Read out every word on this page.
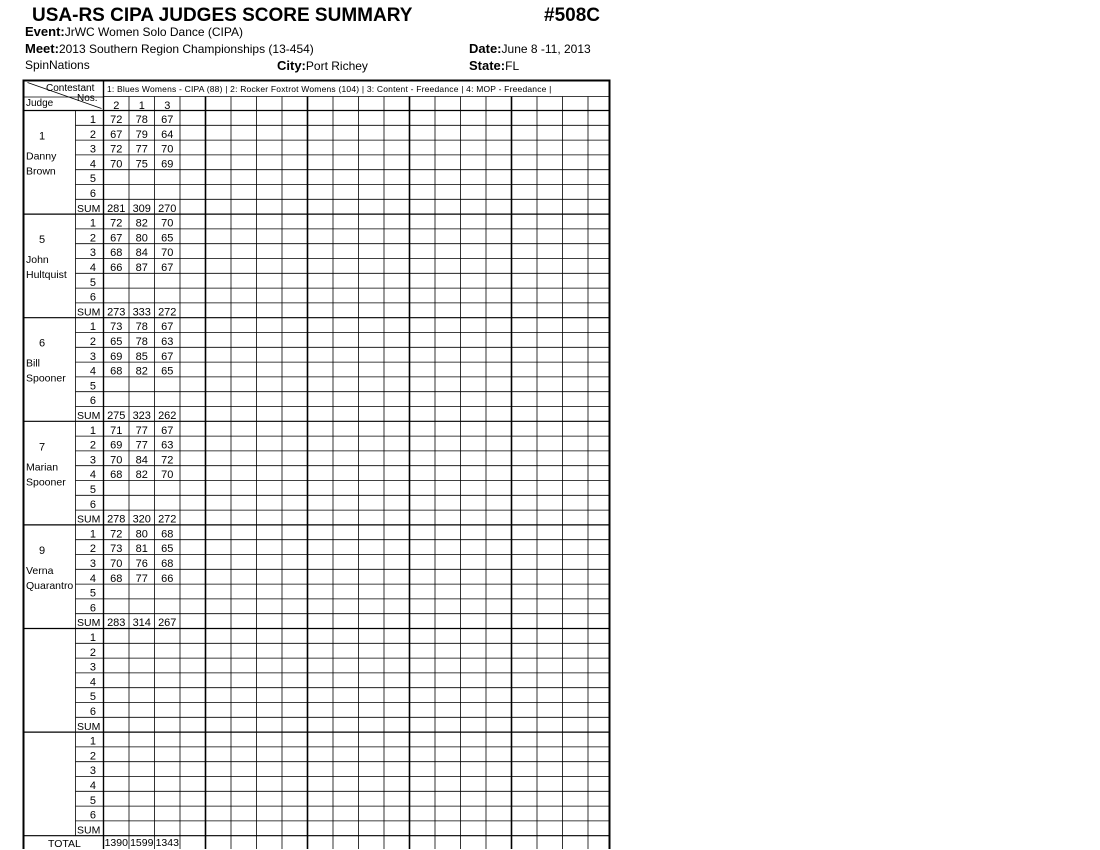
USA-RS CIPA JUDGES SCORE SUMMARY	#508C
Event:JrWC Women Solo Dance (CIPA)
Meet:2013 Southern Region Championships (13-454)	Date:June 8 -11, 2013
SpinNations	City:Port Richey	State:FL
Contestant
Nos.
Judge
1: Blues Womens - CIPA (88) | 2: Rocker Foxtrot Womens (104) | 3: Content - Freedance | 4: MOP - Freedance |
2 1 3
1
Danny
Brown
1 72 78 67
2 67 79 64
3 72 77 70
4 70 75 69
5
6
SUM 281 309 270
5
John
Hultquist
1 72 82 70
2 67 80 65
3 68 84 70
4 66 87 67
5
6
SUM 273 333 272
6
Bill
Spooner
1 73 78 67
2 65 78 63
3 69 85 67
4 68 82 65
5
6
SUM 275 323 262
7
Marian
Spooner
1 71 77 67
2 69 77 63
3 70 84 72
4 68 82 70
5
6
SUM 278 320 272
9
Verna
Quarantro
1 72 80 68
2 73 81 65
3 70 76 68
4 68 77 66
5
6
SUM 283 314 267
1
2
3
4
5
6
SUM
1
2
3
4
5
6
SUM
TOTAL 1390 1599 1343
